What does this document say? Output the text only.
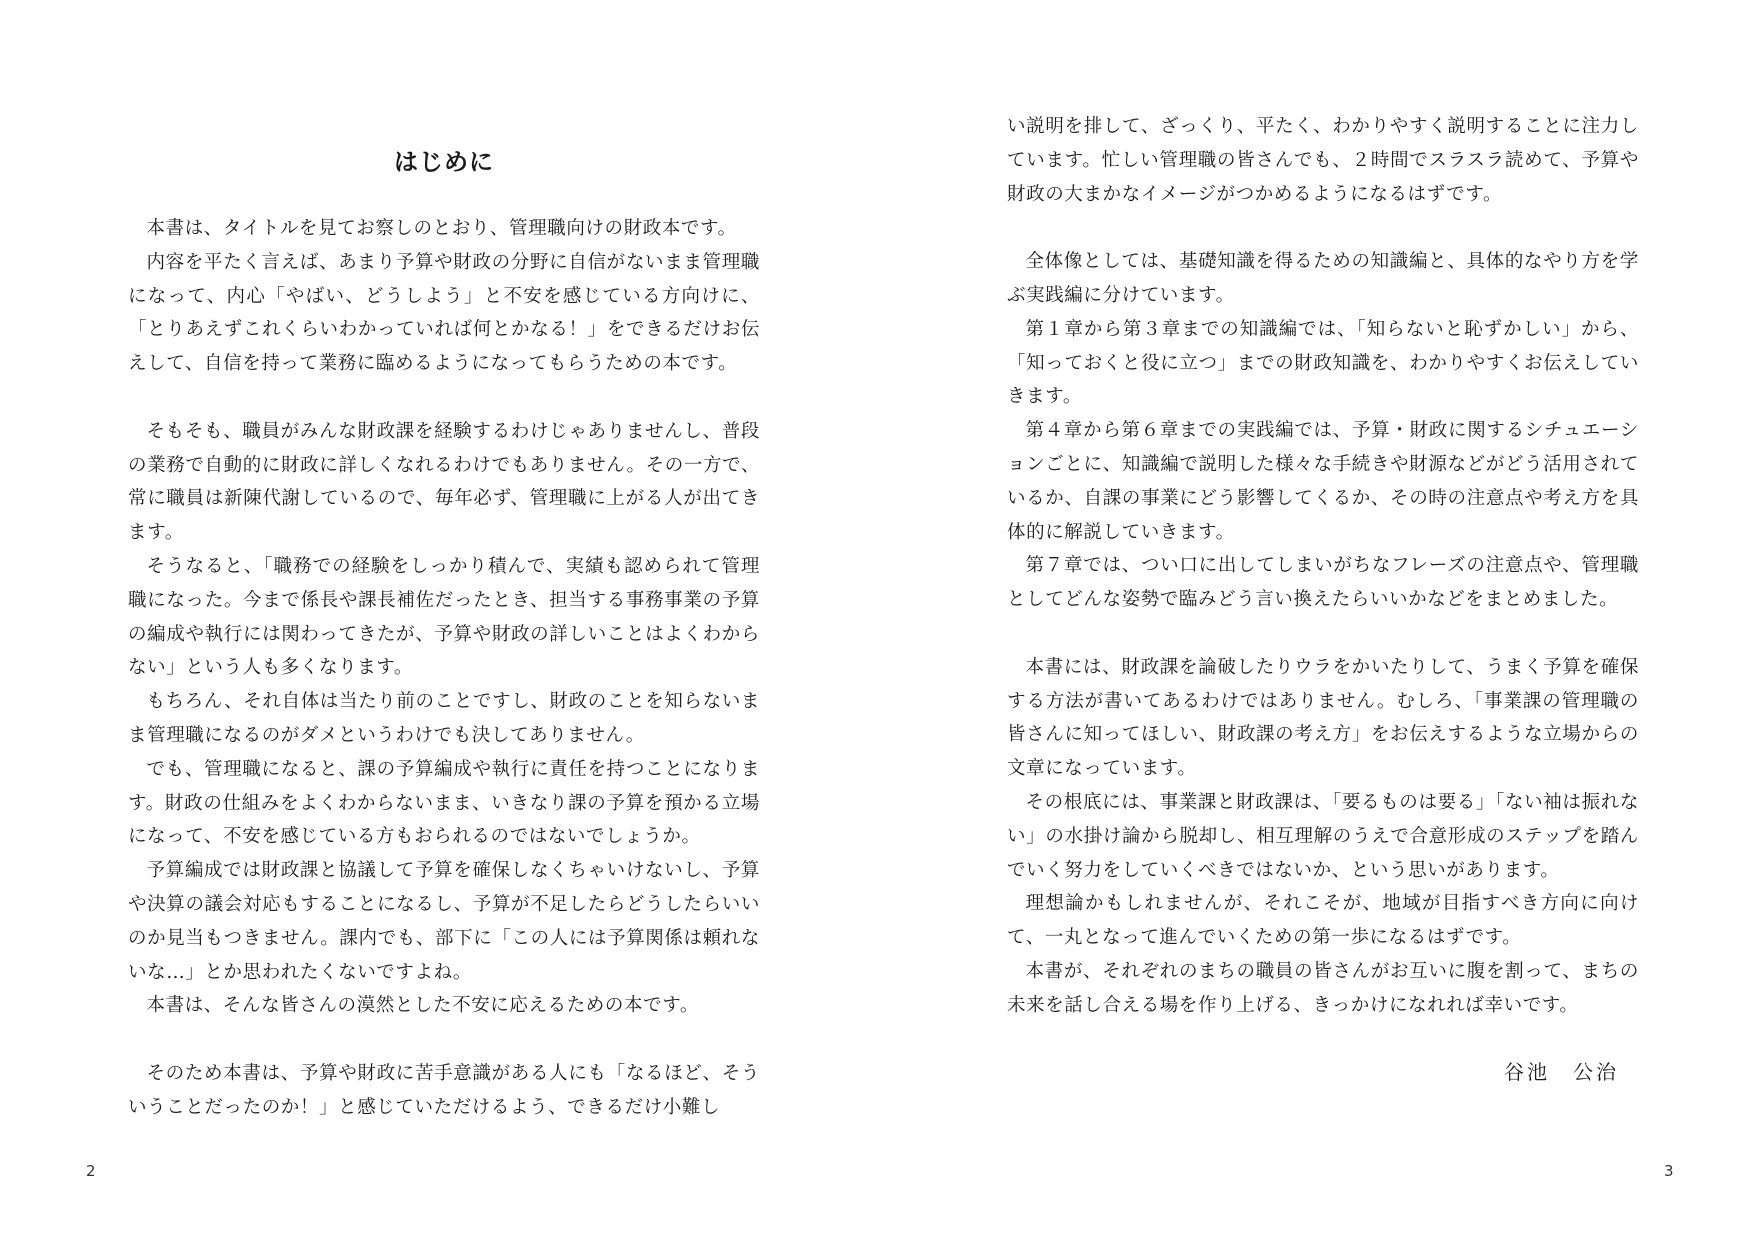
はじめに

本書は、タイトルを見てお察しのとおり、管理職向けの財政本です。

内容を平たく言えば、あまり予算や財政の分野に自信がないまま管理職になって、内心「やばい、どうしよう」と不安を感じている方向けに、「とりあえずこれくらいわかっていれば何とかなる！」をできるだけお伝えして、自信を持って業務に臨めるようになってもらうための本です。

そもそも、職員がみんな財政課を経験するわけじゃありませんし、普段の業務で自動的に財政に詳しくなれるわけでもありません。その一方で、常に職員は新陳代謝しているので、毎年必ず、管理職に上がる人が出てきます。

そうなると、「職務での経験をしっかり積んで、実績も認められて管理職になった。今まで係長や課長補佐だったとき、担当する事務事業の予算の編成や執行には関わってきたが、予算や財政の詳しいことはよくわからない」という人も多くなります。

もちろん、それ自体は当たり前のことですし、財政のことを知らないまま管理職になるのがダメというわけでも決してありません。

でも、管理職になると、課の予算編成や執行に責任を持つことになります。財政の仕組みをよくわからないまま、いきなり課の予算を預かる立場になって、不安を感じている方もおられるのではないでしょうか。

予算編成では財政課と協議して予算を確保しなくちゃいけないし、予算や決算の議会対応もすることになるし、予算が不足したらどうしたらいいのか見当もつきません。課内でも、部下に「この人には予算関係は頼れないな…」とか思われたくないですよね。

本書は、そんな皆さんの漠然とした不安に応えるための本です。

そのため本書は、予算や財政に苦手意識がある人にも「なるほど、そういうことだったのか！」と感じていただけるよう、できるだけ小難し

2

い説明を排して、ざっくり、平たく、わかりやすく説明することに注力しています。忙しい管理職の皆さんでも、２時間でスラスラ読めて、予算や財政の大まかなイメージがつかめるようになるはずです。

全体像としては、基礎知識を得るための知識編と、具体的なやり方を学ぶ実践編に分けています。

第１章から第３章までの知識編では、「知らないと恥ずかしい」から、「知っておくと役に立つ」までの財政知識を、わかりやすくお伝えしていきます。

第４章から第６章までの実践編では、予算・財政に関するシチュエーションごとに、知識編で説明した様々な手続きや財源などがどう活用されているか、自課の事業にどう影響してくるか、その時の注意点や考え方を具体的に解説していきます。

第７章では、つい口に出してしまいがちなフレーズの注意点や、管理職としてどんな姿勢で臨みどう言い換えたらいいかなどをまとめました。

本書には、財政課を論破したりウラをかいたりして、うまく予算を確保する方法が書いてあるわけではありません。むしろ、「事業課の管理職の皆さんに知ってほしい、財政課の考え方」をお伝えするような立場からの文章になっています。

その根底には、事業課と財政課は、「要るものは要る」「ない袖は振れない」の水掛け論から脱却し、相互理解のうえで合意形成のステップを踏んでいく努力をしていくべきではないか、という思いがあります。

理想論かもしれませんが、それこそが、地域が目指すべき方向に向けて、一丸となって進んでいくための第一歩になるはずです。

本書が、それぞれのまちの職員の皆さんがお互いに腹を割って、まちの未来を話し合える場を作り上げる、きっかけになれれば幸いです。

谷池　公治
3
